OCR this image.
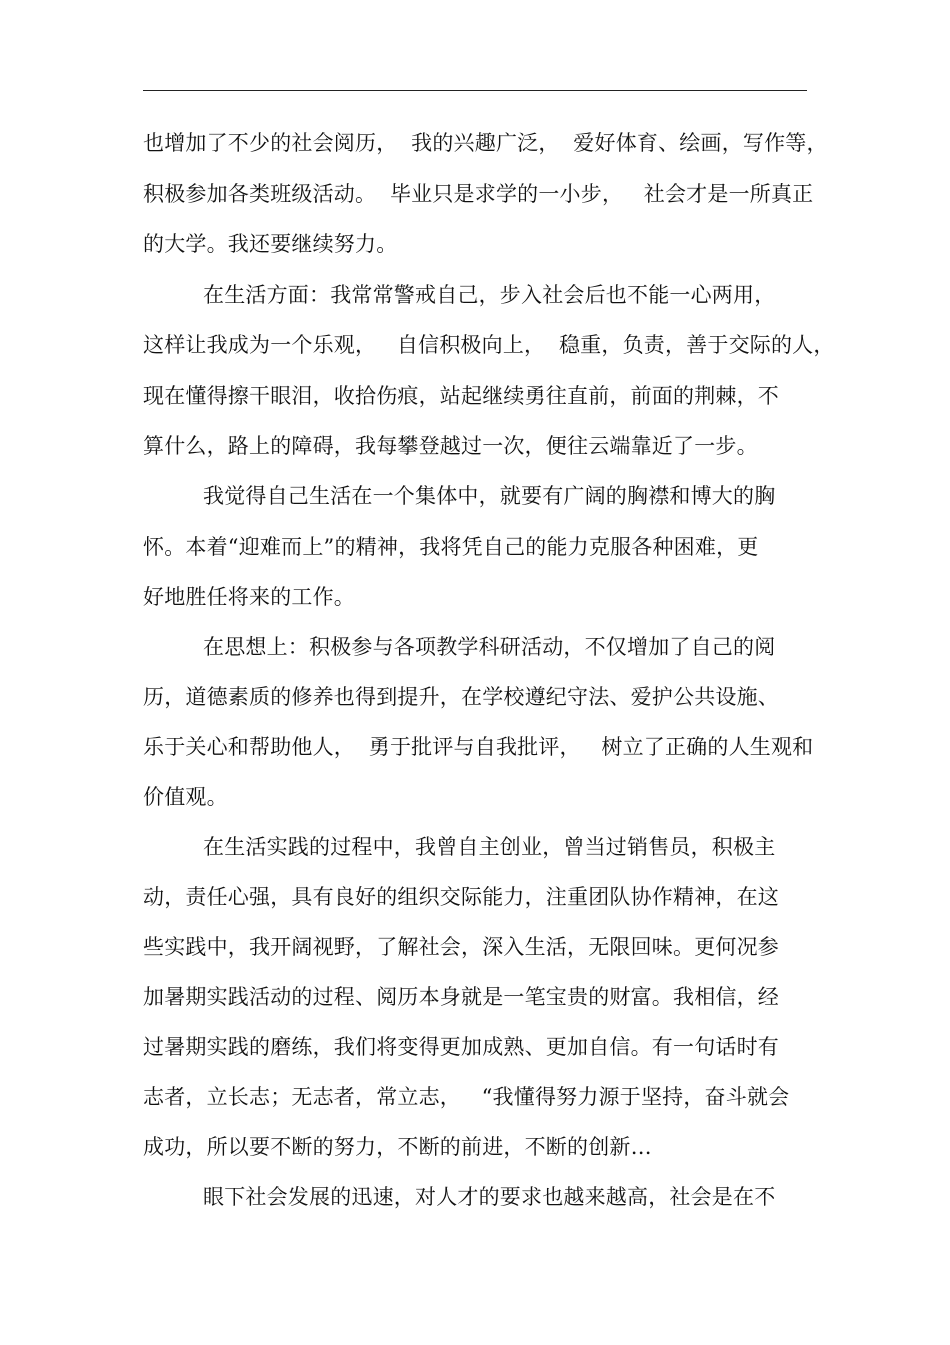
也增加了不少的社会阅历，  我的兴趣广泛，  爱好体育、绘画，写作等，
积极参加各类班级活动。  毕业只是求学的一小步，   社会才是一所真正
的大学。我还要继续努力。
在生活方面：我常常警戒自己，步入社会后也不能一心两用，
这样让我成为一个乐观，   自信积极向上，  稳重，负责，善于交际的人，
现在懂得擦干眼泪，收拾伤痕，站起继续勇往直前，前面的荆棘，不
算什么，路上的障碍，我每攀登越过一次，便往云端靠近了一步。
我觉得自己生活在一个集体中，就要有广阔的胸襟和博大的胸
怀。本着“迎难而上”的精神，我将凭自己的能力克服各种困难，更
好地胜任将来的工作。
在思想上：积极参与各项教学科研活动，不仅增加了自己的阅
历，道德素质的修养也得到提升，在学校遵纪守法、爱护公共设施、
乐于关心和帮助他人，  勇于批评与自我批评，   树立了正确的人生观和
价值观。
在生活实践的过程中，我曾自主创业，曾当过销售员，积极主
动，责任心强，具有良好的组织交际能力，注重团队协作精神，在这
些实践中，我开阔视野，了解社会，深入生活，无限回味。更何况参
加暑期实践活动的过程、阅历本身就是一笔宝贵的财富。我相信，经
过暑期实践的磨练，我们将变得更加成熟、更加自信。有一句话时有
志者，立长志；无志者，常立志，   “我懂得努力源于坚持，奋斗就会
成功，所以要不断的努力，不断的前进，不断的创新…
眼下社会发展的迅速，对人才的要求也越来越高，社会是在不
